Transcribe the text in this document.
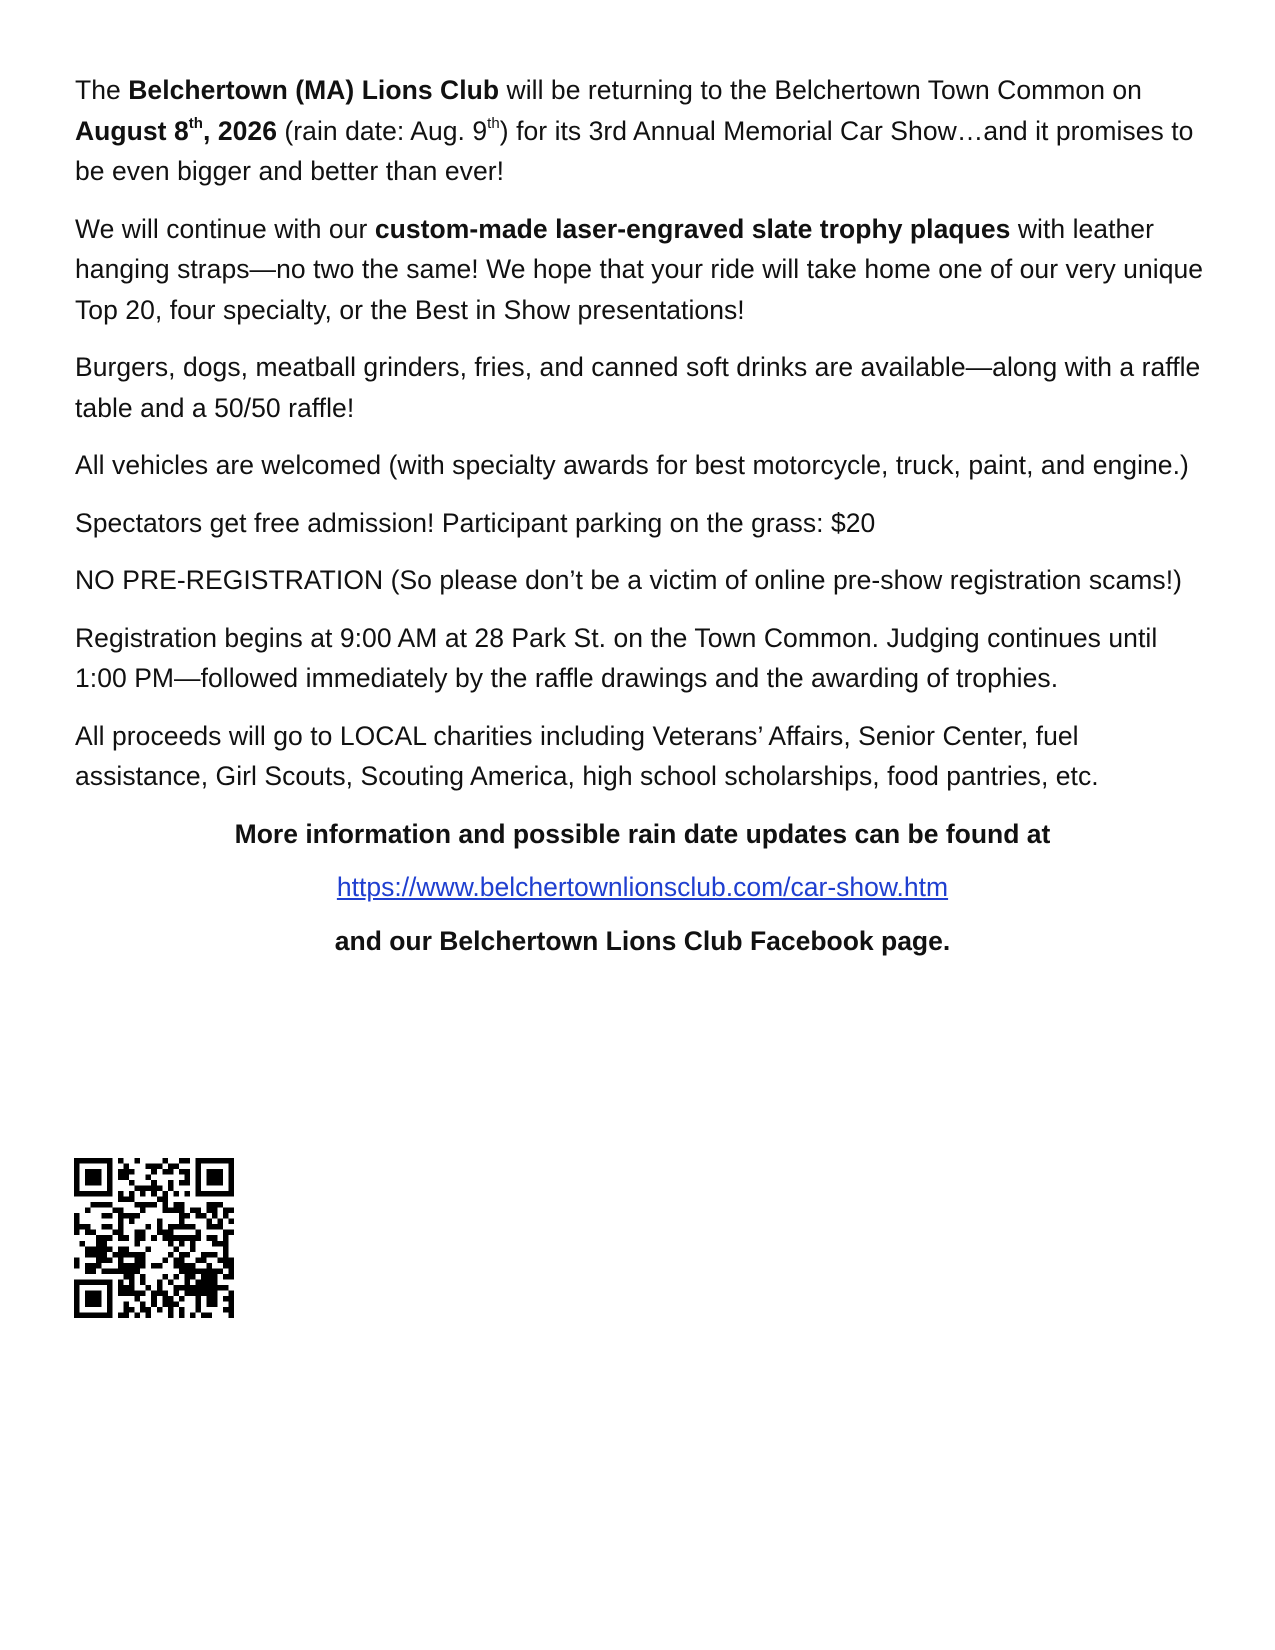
The Belchertown (MA) Lions Club will be returning to the Belchertown Town Common on August 8th, 2026 (rain date: Aug. 9th) for its 3rd Annual Memorial Car Show…and it promises to be even bigger and better than ever!

We will continue with our custom-made laser-engraved slate trophy plaques with leather hanging straps—no two the same! We hope that your ride will take home one of our very unique Top 20, four specialty, or the Best in Show presentations!

Burgers, dogs, meatball grinders, fries, and canned soft drinks are available—along with a raffle table and a 50/50 raffle!

All vehicles are welcomed (with specialty awards for best motorcycle, truck, paint, and engine.)

Spectators get free admission! Participant parking on the grass: $20

NO PRE-REGISTRATION (So please don’t be a victim of online pre-show registration scams!)

Registration begins at 9:00 AM at 28 Park St. on the Town Common. Judging continues until 1:00 PM—followed immediately by the raffle drawings and the awarding of trophies.

All proceeds will go to LOCAL charities including Veterans’ Affairs, Senior Center, fuel assistance, Girl Scouts, Scouting America, high school scholarships, food pantries, etc.

More information and possible rain date updates can be found at

https://www.belchertownlionsclub.com/car-show.htm

and our Belchertown Lions Club Facebook page.
